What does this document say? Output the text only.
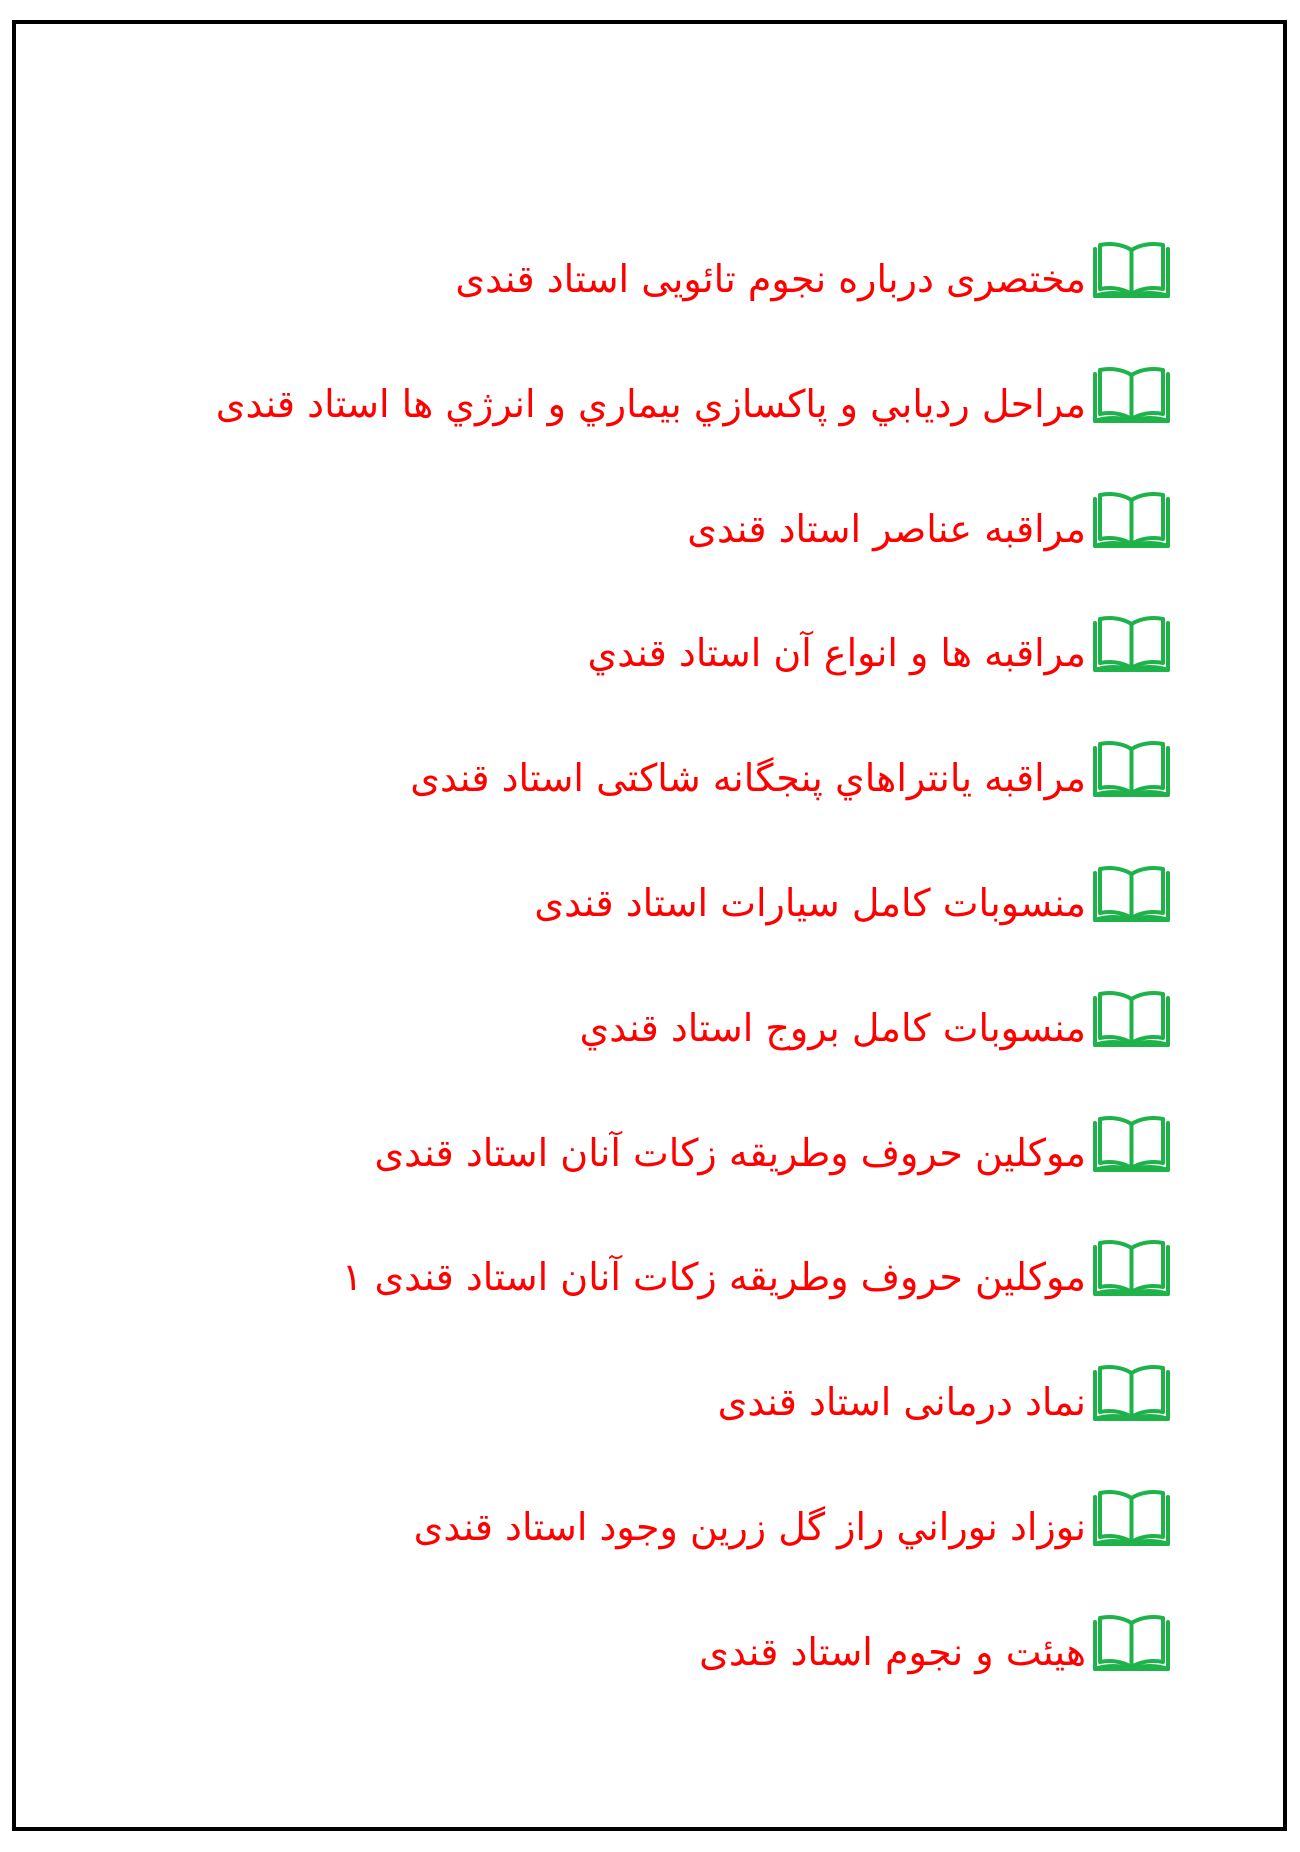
مختصری درباره نجوم تائویی استاد قندی
مراحل ردیابي و پاکسازي بيماري و انرژي ها استاد قندی
مراقبه عناصر استاد قندی
مراقبه ها و انواع آن استاد قندي
مراقبه يانتراهاي پنجگانه شاکتی استاد قندی
منسوبات کامل سیارات استاد قندی
منسوبات کامل بروج استاد قندي
موکلین حروف وطریقه زکات آنان استاد قندی
موکلین حروف وطریقه زکات آنان استاد قندی ۱
نماد درمانی استاد قندی
نوزاد نوراني راز گل زرين وجود استاد قندی
هیئت و نجوم استاد قندی
